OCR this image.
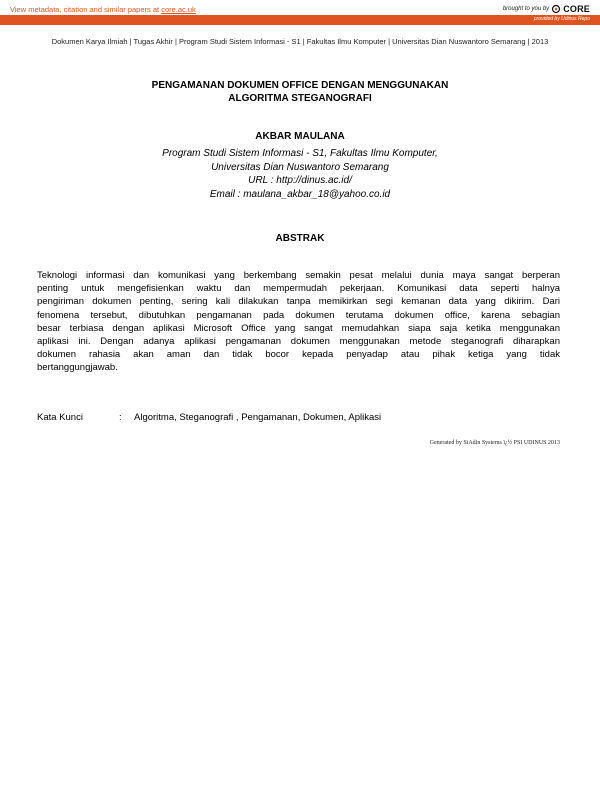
View metadata, citation and similar papers at core.ac.uk	brought to you by CORE
provided by Udinus Repo
Dokumen Karya Ilmiah | Tugas Akhir | Program Studi Sistem Informasi - S1 | Fakultas Ilmu Komputer | Universitas Dian Nuswantoro Semarang | 2013
PENGAMANAN DOKUMEN OFFICE DENGAN MENGGUNAKAN
ALGORITMA STEGANOGRAFI
AKBAR MAULANA
Program Studi Sistem Informasi - S1, Fakultas Ilmu Komputer,
Universitas Dian Nuswantoro Semarang
URL : http://dinus.ac.id/
Email : maulana_akbar_18@yahoo.co.id
ABSTRAK
Teknologi informasi dan komunikasi yang berkembang semakin pesat melalui dunia maya sangat berperan
penting untuk mengefisienkan waktu dan mempermudah pekerjaan. Komunikasi data seperti halnya
pengiriman dokumen penting, sering kali dilakukan tanpa memikirkan segi kemanan data yang dikirim. Dari
fenomena tersebut, dibutuhkan pengamanan pada dokumen terutama dokumen office, karena sebagian
besar terbiasa dengan aplikasi Microsoft Office yang sangat memudahkan siapa saja ketika menggunakan
aplikasi ini. Dengan adanya aplikasi pengamanan dokumen menggunakan metode steganografi diharapkan
dokumen rahasia akan aman dan tidak bocor kepada penyadap atau pihak ketiga yang tidak
bertanggungjawab.
Kata Kunci	:	Algoritma, Steganografi , Pengamanan, Dokumen, Aplikasi
Generated by SiAdin Systems ï¿½ PSI UDINUS 2013
